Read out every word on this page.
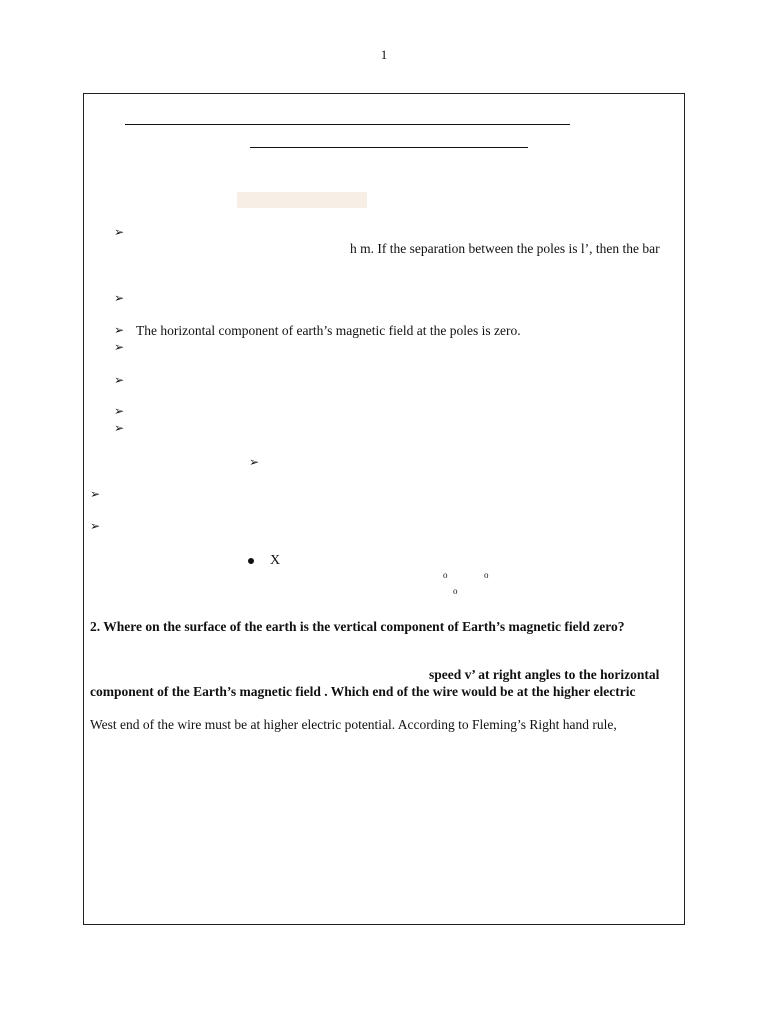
1
➢
h m. If the separation between the poles is l’, then the bar
➢
➢ The horizontal component of earth’s magnetic field at the poles is zero.
➢
➢
➢
➢
➢
➢
➢
X
o	o
o
2. Where on the surface of the earth is the vertical component of Earth’s magnetic field zero?
speed v’ at right angles to the horizontal
component of the Earth’s magnetic field . Which end of the wire would be at the higher electric
West end of the wire must be at higher electric potential. According to Fleming’s Right hand rule,
